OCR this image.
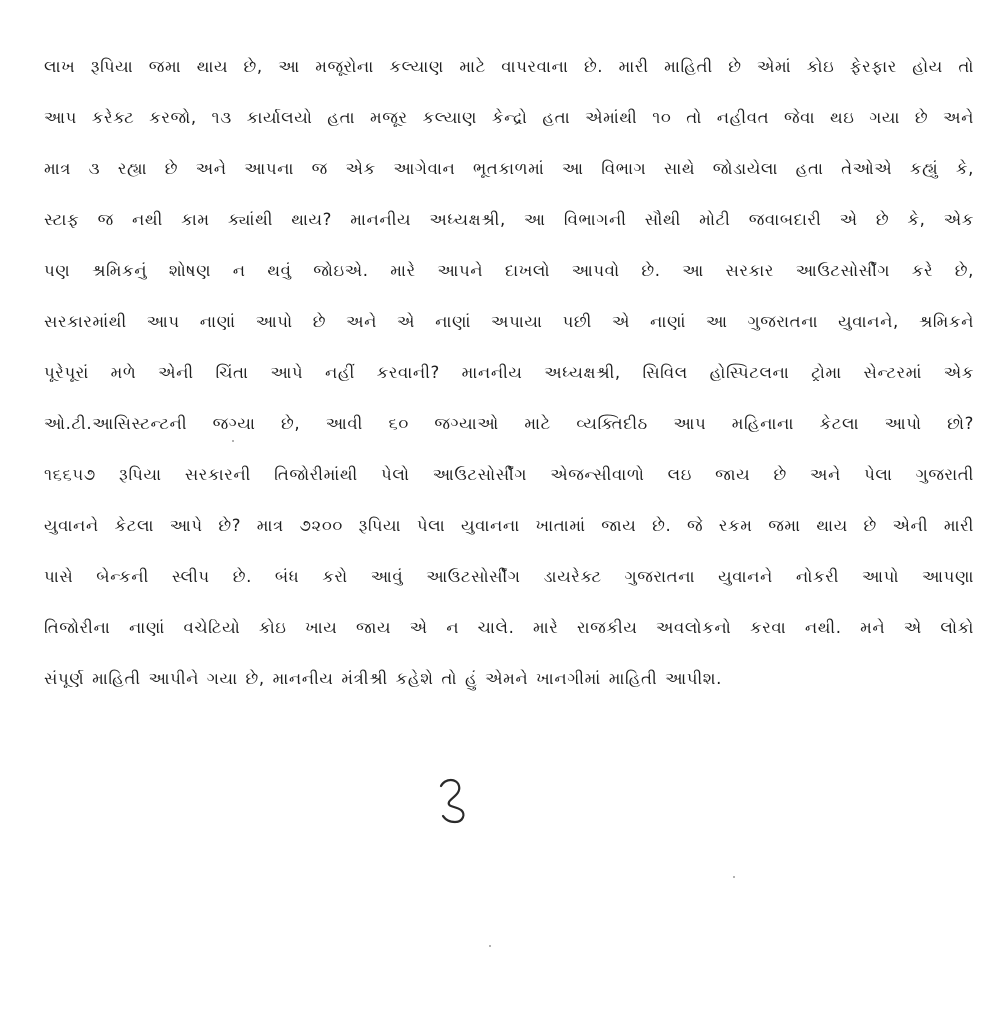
લાખ રૂપિયા જમા થાય છે, આ મજૂરોના કલ્યાણ માટે વાપરવાના છે. મારી માહિતી છે એમાં કોઇ ફેરફાર હોય તો
આપ કરેક્ટ કરજો, ૧૩ કાર્યાલયો હતા મજૂર કલ્યાણ કેન્દ્રો હતા એમાંથી ૧૦ તો નહીવત જેવા થઇ ગયા છે અને
માત્ર ૩ રહ્યા છે અને આપના જ એક આગેવાન ભૂતકાળમાં આ વિભાગ સાથે જોડાયેલા હતા તેઓએ કહ્યું કે,
સ્ટાફ જ નથી કામ ક્યાંથી થાય? માનનીય અધ્યક્ષશ્રી, આ વિભાગની સૌથી મોટી જવાબદારી એ છે કે, એક
પણ શ્રમિકનું શોષણ ન થવું જોઇએ. મારે આપને દાખલો આપવો છે. આ સરકાર આઉટસોર્સીંગ કરે છે,
સરકારમાંથી આપ નાણાં આપો છે અને એ નાણાં અપાયા પછી એ નાણાં આ ગુજરાતના યુવાનને, શ્રમિકને
પૂરેપૂરાં મળે એની ચિંતા આપે નહીં કરવાની? માનનીય અધ્યક્ષશ્રી, સિવિલ હોસ્પિટલના ટ્રોમા સેન્ટરમાં એક
ઓ.ટી.આસિસ્ટન્ટની જગ્યા છે, આવી ૬૦ જગ્યાઓ માટે વ્યક્તિદીઠ આપ મહિનાના કેટલા આપો છો?
૧૬૬૫૭ રૂપિયા સરકારની તિજોરીમાંથી પેલો આઉટસોર્સીંગ એજન્સીવાળો લઇ જાય છે અને પેલા ગુજરાતી
યુવાનને કેટલા આપે છે? માત્ર ૭૨૦૦ રૂપિયા પેલા યુવાનના ખાતામાં જાય છે. જે રકમ જમા થાય છે એની મારી
પાસે બેન્કની સ્લીપ છે. બંધ કરો આવું આઉટસોર્સીંગ ડાયરેક્ટ ગુજરાતના યુવાનને નોકરી આપો આપણા
તિજોરીના નાણાં વચેટિયો કોઇ ખાય જાય એ ન ચાલે. મારે રાજકીય અવલોકનો કરવા નથી. મને એ લોકો
સંપૂર્ણ માહિતી આપીને ગયા છે, માનનીય મંત્રીશ્રી કહેશે તો હું એમને ખાનગીમાં માહિતી આપીશ.
